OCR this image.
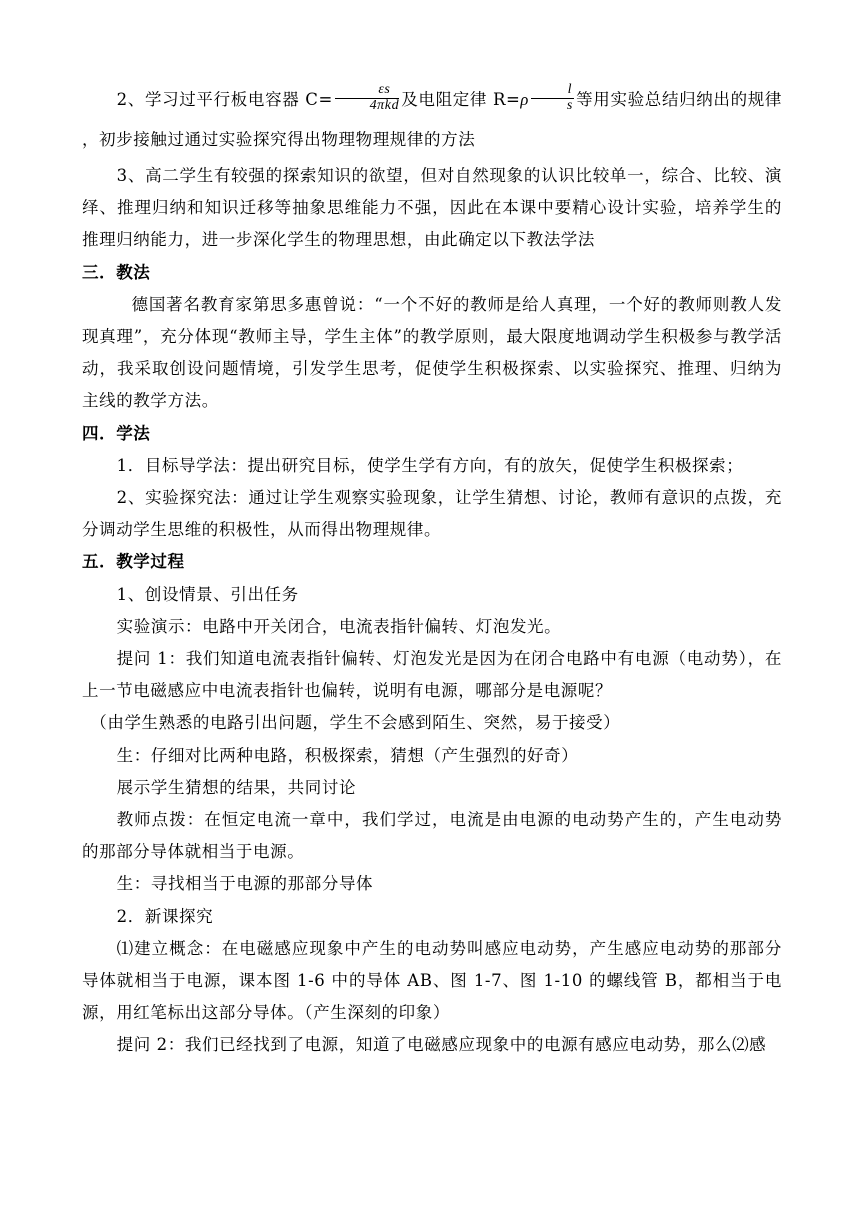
2、学习过平行板电容器 $C= \frac{\varepsilon s}{\text{4πkd}}$ 及电阻定律 $R=\rho \frac{l}{s}$ 等用实验总结归纳出的规律 ，初步接触过通过实验探究得出物理物理规律的方法

3、高二学生有较强的探索知识的欲望，但对自然现象的认识比较单一，综合、比较、演绎、推理归纳和知识迁移等抽象思维能力不强，因此在本课中要精心设计实验，培养学生的推理归纳能力，进一步深化学生的物理思想，由此确定以下教法学法

三．教法

德国著名教育家第思多惠曾说：“一个不好的教师是给人真理，一个好的教师则教人发现真理”，充分体现“教师主导，学生主体”的教学原则，最大限度地调动学生积极参与教学活动，我采取创设问题情境，引发学生思考，促使学生积极探索、以实验探究、推理、归纳为主线的教学方法。

四．学法

1．目标导学法：提出研究目标，使学生学有方向，有的放矢，促使学生积极探索；

2、实验探究法：通过让学生观察实验现象，让学生猜想、讨论，教师有意识的点拨，充分调动学生思维的积极性，从而得出物理规律。

五．教学过程

1、创设情景、引出任务

实验演示：电路中开关闭合，电流表指针偏转、灯泡发光。

提问 1：我们知道电流表指针偏转、灯泡发光是因为在闭合电路中有电源（电动势），在上一节电磁感应中电流表指针也偏转，说明有电源，哪部分是电源呢？

（由学生熟悉的电路引出问题，学生不会感到陌生、突然，易于接受）

生：仔细对比两种电路，积极探索，猜想（产生强烈的好奇）

展示学生猜想的结果，共同讨论

教师点拨：在恒定电流一章中，我们学过，电流是由电源的电动势产生的，产生电动势的那部分导体就相当于电源。

生：寻找相当于电源的那部分导体

2．新课探究

⑴建立概念：在电磁感应现象中产生的电动势叫感应电动势，产生感应电动势的那部分导体就相当于电源，课本图 1-6 中的导体 AB、图 1-7、图 1-10 的螺线管 B，都相当于电源，用红笔标出这部分导体。（产生深刻的印象）

提问 2：我们已经找到了电源，知道了电磁感应现象中的电源有感应电动势，那么⑵感
